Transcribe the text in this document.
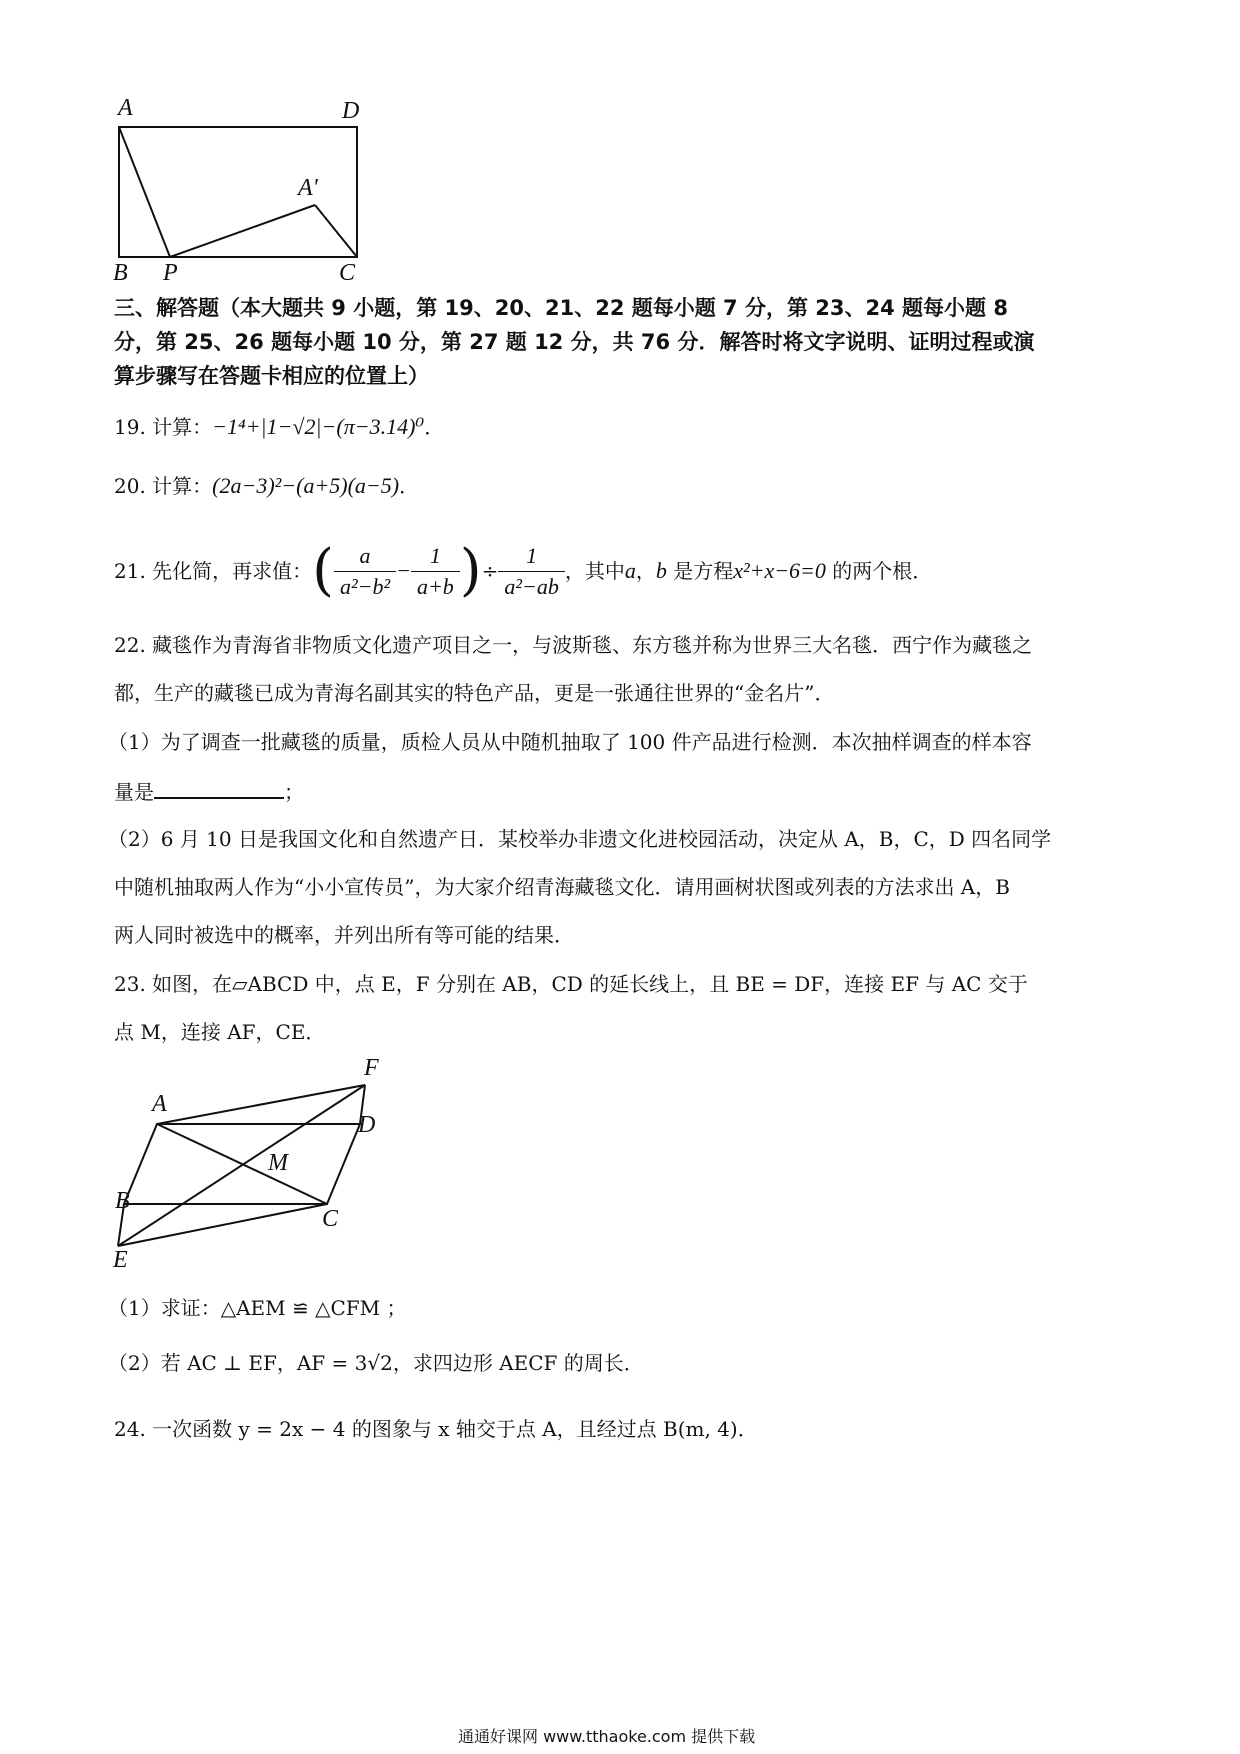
A	D
A′
B P	C
三、解答题（本大题共 9 小题，第 19、20、21、22 题每小题 7 分，第 23、24 题每小题 8
分，第 25、26 题每小题 10 分，第 27 题 12 分，共 76 分．解答时将文字说明、证明过程或演
算步骤写在答题卡相应的位置上）
19. 计算：−1⁴+|1−√2|−(π−3.14)⁰．
20. 计算：(2a−3)²−(a+5)(a−5)．
21.
先化简，再求值： ( $\frac{a}{\text{a²−b²}} - \frac{1}{a+b}$ ) ÷ $\frac{1}{\text{a²−ab}}$ ，其中 a ， b
是方程 x²+x−6=0
的两个根．
22. 藏毯作为青海省非物质文化遗产项目之一，与波斯毯、东方毯并称为世界三大名毯．西宁作为藏毯之
都，生产的藏毯已成为青海名副其实的特色产品，更是一张通往世界的“金名片”．
（1）为了调查一批藏毯的质量，质检人员从中随机抽取了 100 件产品进行检测．本次抽样调查的样本容
量是	；
（2）6 月 10 日是我国文化和自然遗产日．某校举办非遗文化进校园活动，决定从 A，B，C，D 四名同学
中随机抽取两人作为“小小宣传员”，为大家介绍青海藏毯文化．请用画树状图或列表的方法求出 A，B
两人同时被选中的概率，并列出所有等可能的结果．
23. 如图，在▱ABCD 中，点 E，F 分别在 AB，CD 的延长线上，且 BE = DF，连接 EF 与 AC 交于
点 M，连接 AF，CE．
A
F
D
M
B
C
E
（1）求证：△AEM ≌ △CFM ；
（2）若 AC ⊥ EF，AF = 3√2，求四边形 AECF 的周长．
24. 一次函数 y = 2x − 4 的图象与 x 轴交于点 A，且经过点 B(m, 4)．
通通好课网 www.tthaoke.com 提供下载
